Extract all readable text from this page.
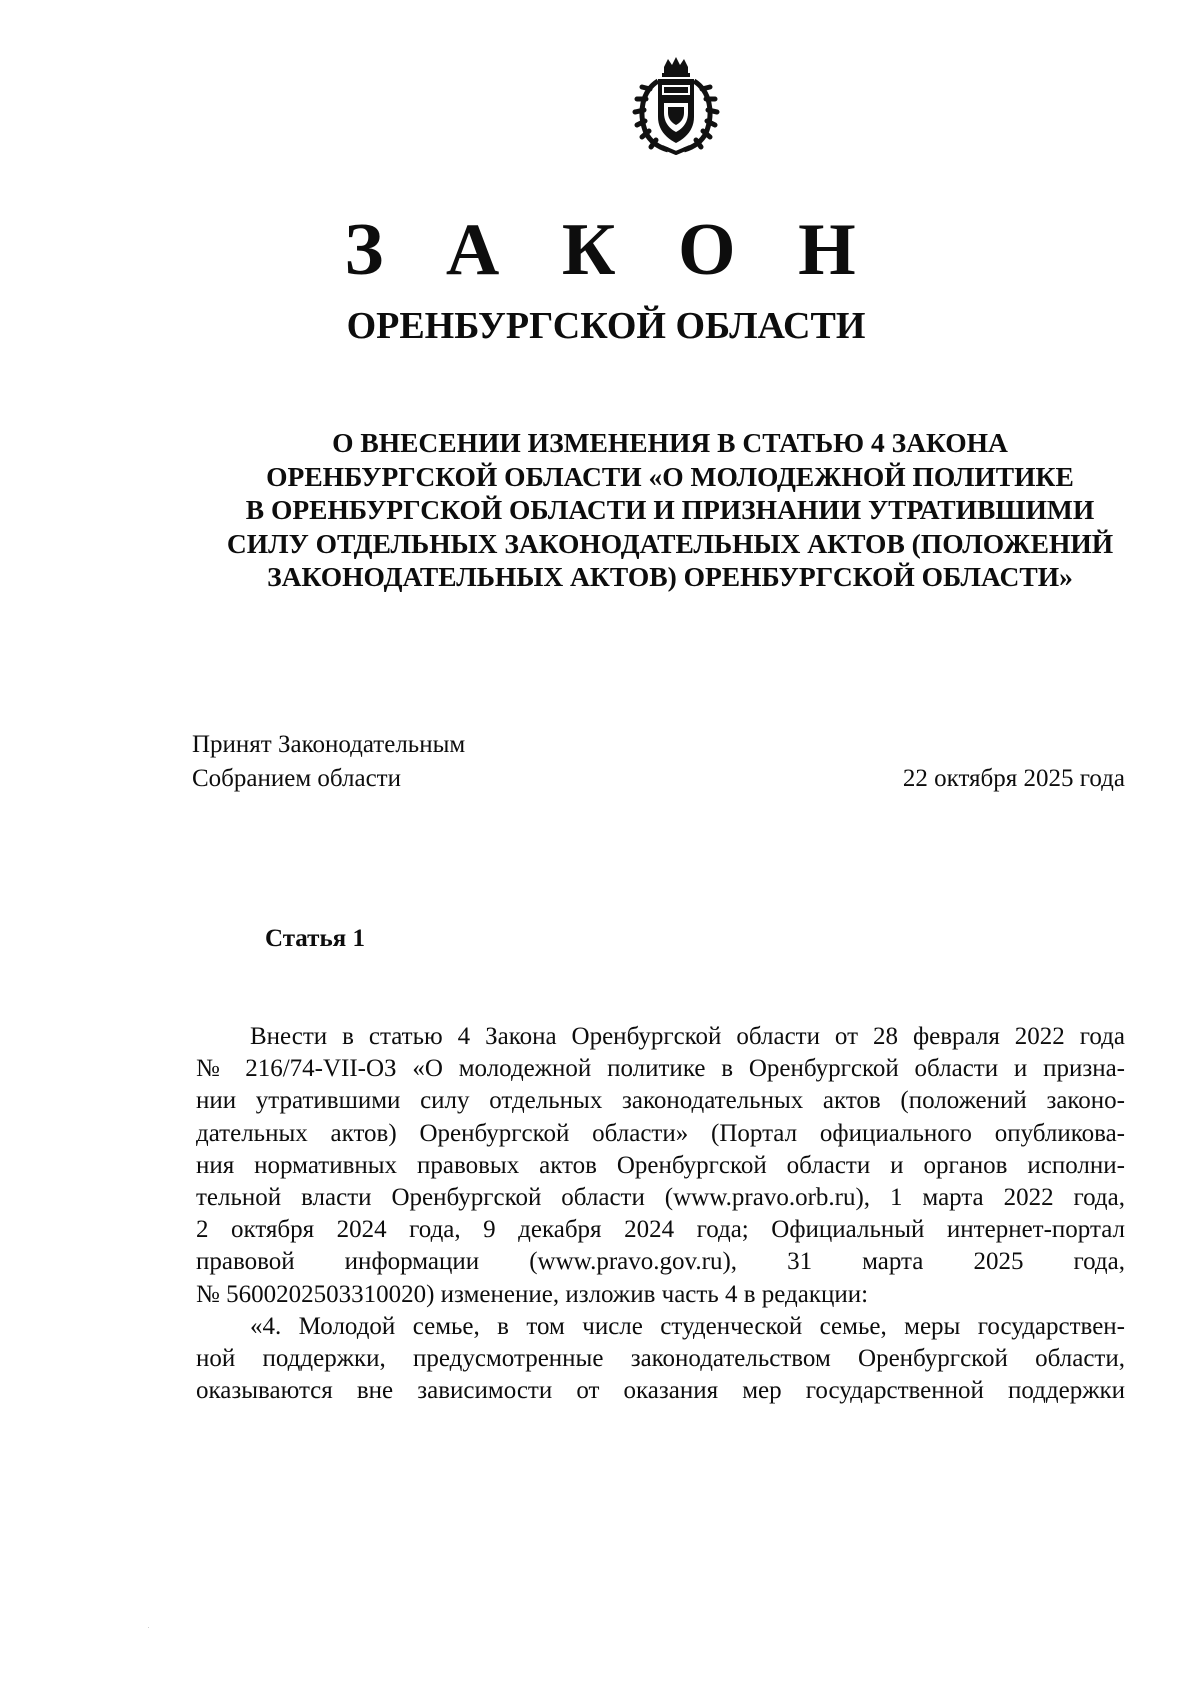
З А К О Н
ОРЕНБУРГСКОЙ ОБЛАСТИ
О ВНЕСЕНИИ ИЗМЕНЕНИЯ В СТАТЬЮ 4 ЗАКОНА
ОРЕНБУРГСКОЙ ОБЛАСТИ «О МОЛОДЕЖНОЙ ПОЛИТИКЕ
В ОРЕНБУРГСКОЙ ОБЛАСТИ И ПРИЗНАНИИ УТРАТИВШИМИ
СИЛУ ОТДЕЛЬНЫХ ЗАКОНОДАТЕЛЬНЫХ АКТОВ (ПОЛОЖЕНИЙ
ЗАКОНОДАТЕЛЬНЫХ АКТОВ) ОРЕНБУРГСКОЙ ОБЛАСТИ»
Принят Законодательным
Собранием области	22 октября 2025 года
Статья 1
Внести в статью 4 Закона Оренбургской области от 28 февраля 2022 года
№ 216/74-VII-ОЗ «О молодежной политике в Оренбургской области и призна-
нии утратившими силу отдельных законодательных актов (положений законо-
дательных актов) Оренбургской области» (Портал официального опубликова-
ния нормативных правовых актов Оренбургской области и органов исполни-
тельной власти Оренбургской области (www.pravo.orb.ru), 1 марта 2022 года,
2 октября 2024 года, 9 декабря 2024 года; Официальный интернет-портал
правовой информации (www.pravo.gov.ru), 31 марта 2025 года,
№ 5600202503310020) изменение, изложив часть 4 в редакции:
«4. Молодой семье, в том числе студенческой семье, меры государствен-
ной поддержки, предусмотренные законодательством Оренбургской области,
оказываются вне зависимости от оказания мер государственной поддержки
